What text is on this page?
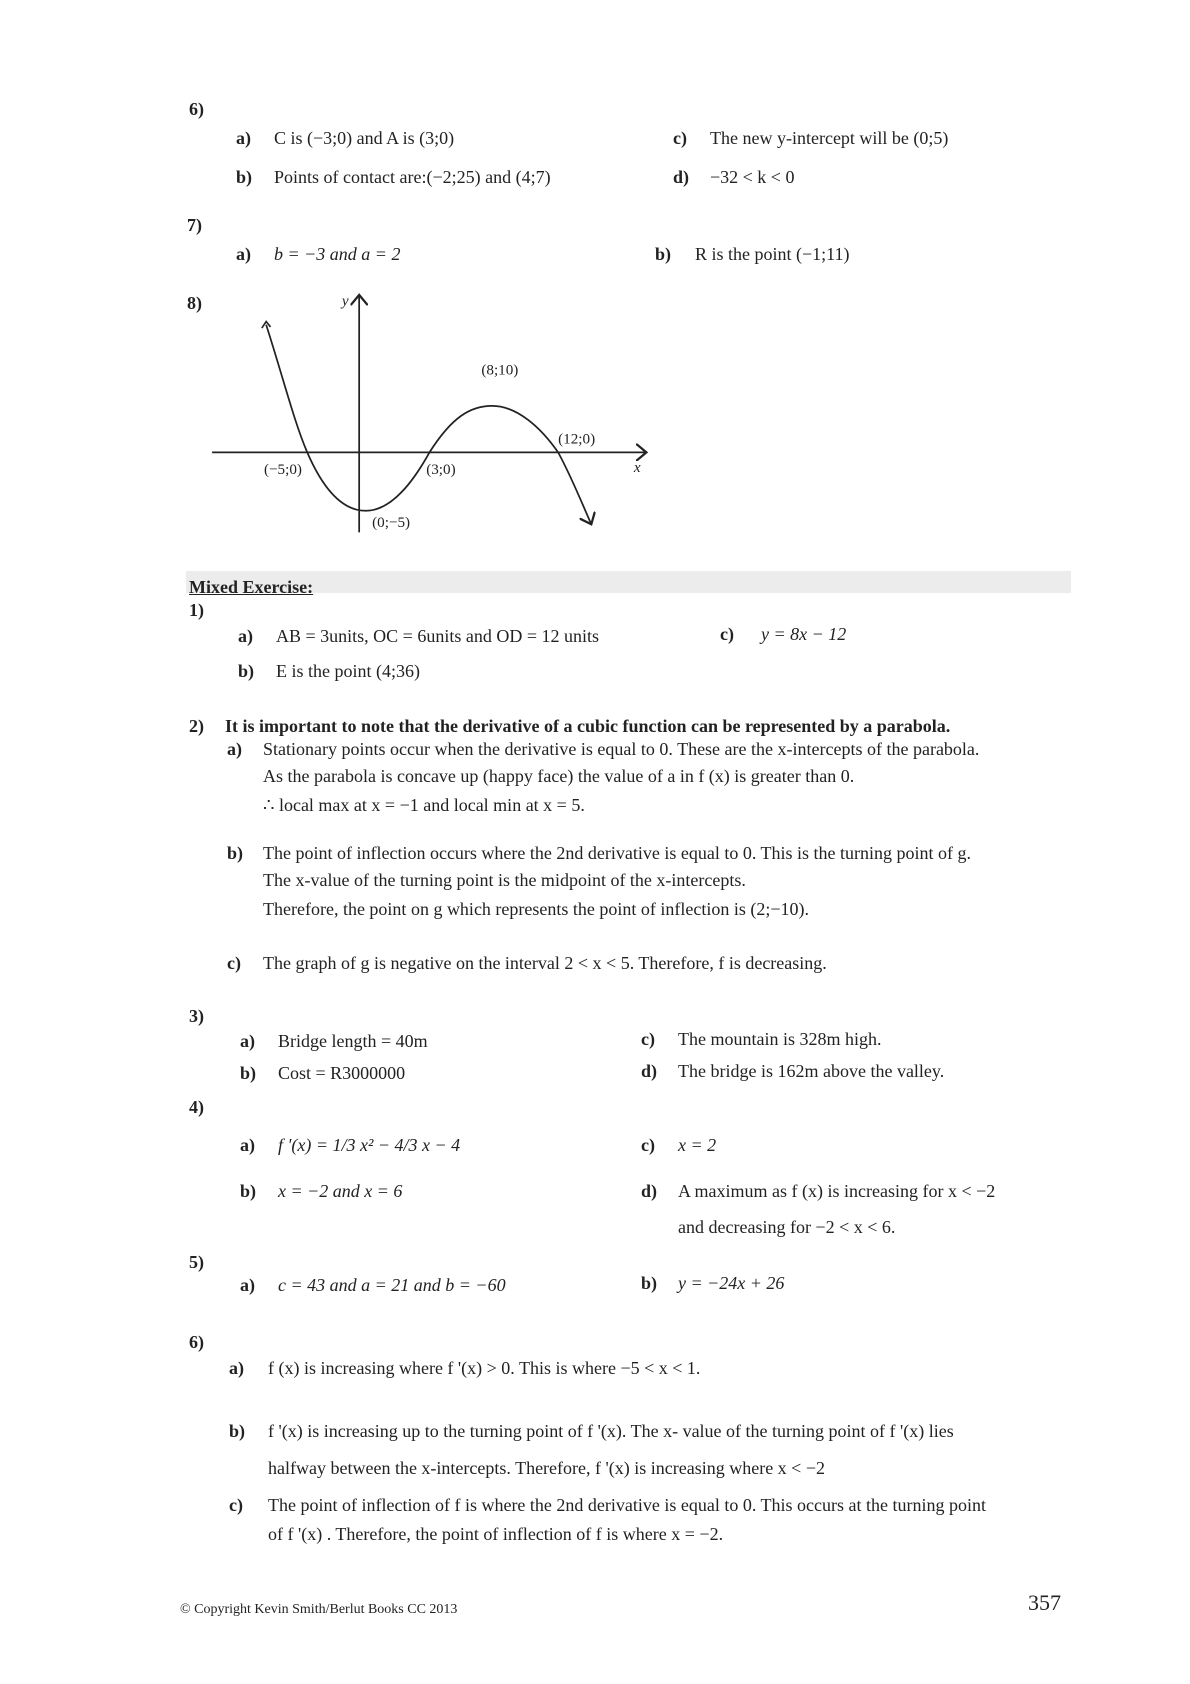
6)
a) C is (−3;0) and A is (3;0)
b) Points of contact are:(−2;25) and (4;7)
c) The new y-intercept will be (0;5)
d) −32 < k < 0
7)
a) b = −3 and a = 2	b) R is the point (−1;11)
8)	y
x
(−5;0)
(0;−5)
(3;0)
(8;10)
(12;0)
Mixed Exercise:
1)
a) AB = 3units, OC = 6units and OD = 12 units
b) E is the point (4;36)
c) y = 8x − 12
2) It is important to note that the derivative of a cubic function can be represented by a parabola.
a) Stationary points occur when the derivative is equal to 0. These are the x-intercepts of the parabola.
As the parabola is concave up (happy face) the value of a in f (x) is greater than 0.
∴ local max at x = −1 and local min at x = 5.
b) The point of inflection occurs where the 2nd derivative is equal to 0. This is the turning point of g.
The x-value of the turning point is the midpoint of the x-intercepts.
Therefore, the point on g which represents the point of inflection is (2;−10).
c) The graph of g is negative on the interval 2 < x < 5. Therefore, f is decreasing.
3)
a) Bridge length = 40m
b) Cost = R3000000
c) The mountain is 328m high.
d) The bridge is 162m above the valley.
4)
a) f '(x) = 1/3 x² − 4/3 x − 4
b) x = −2 and x = 6
c) x = 2
d) A maximum as f (x) is increasing for x < −2
and decreasing for −2 < x < 6.
5)
a) c = 43 and a = 21 and b = −60	b) y = −24x + 26
6)
a) f (x) is increasing where f '(x) > 0. This is where −5 < x < 1.
b) f '(x) is increasing up to the turning point of f '(x). The x- value of the turning point of f '(x) lies
halfway between the x-intercepts. Therefore, f '(x) is increasing where x < −2
c) The point of inflection of f is where the 2nd derivative is equal to 0. This occurs at the turning point
of f '(x) . Therefore, the point of inflection of f is where x = −2.
© Copyright Kevin Smith/Berlut Books CC 2013	357
